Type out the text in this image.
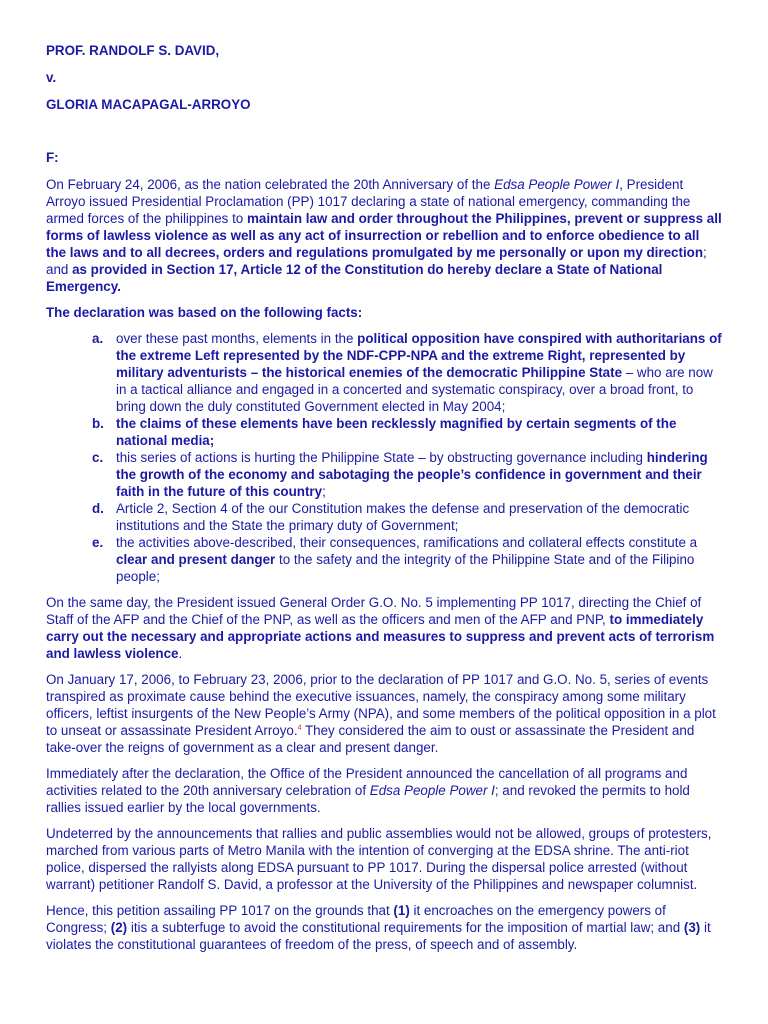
PROF. RANDOLF S. DAVID,
v.
GLORIA MACAPAGAL-ARROYO
F:

On February 24, 2006, as the nation celebrated the 20th Anniversary of the Edsa People Power I, President Arroyo issued Presidential Proclamation (PP) 1017 declaring a state of national emergency, commanding the armed forces of the philippines to maintain law and order throughout the Philippines, prevent or suppress all forms of lawless violence as well as any act of insurrection or rebellion and to enforce obedience to all the laws and to all decrees, orders and regulations promulgated by me personally or upon my direction; and as provided in Section 17, Article 12 of the Constitution do hereby declare a State of National Emergency.

The declaration was based on the following facts:

a. over these past months, elements in the political opposition have conspired with authoritarians of the extreme Left represented by the NDF-CPP-NPA and the extreme Right, represented by military adventurists – the historical enemies of the democratic Philippine State – who are now in a tactical alliance and engaged in a concerted and systematic conspiracy, over a broad front, to bring down the duly constituted Government elected in May 2004;
b. the claims of these elements have been recklessly magnified by certain segments of the national media;
c. this series of actions is hurting the Philippine State – by obstructing governance including hindering the growth of the economy and sabotaging the people’s confidence in government and their faith in the future of this country;
d. Article 2, Section 4 of the our Constitution makes the defense and preservation of the democratic institutions and the State the primary duty of Government;
e. the activities above-described, their consequences, ramifications and collateral effects constitute a clear and present danger to the safety and the integrity of the Philippine State and of the Filipino people;

On the same day, the President issued General Order G.O. No. 5 implementing PP 1017, directing the Chief of Staff of the AFP and the Chief of the PNP, as well as the officers and men of the AFP and PNP, to immediately carry out the necessary and appropriate actions and measures to suppress and prevent acts of terrorism and lawless violence.

On January 17, 2006, to February 23, 2006, prior to the declaration of PP 1017 and G.O. No. 5, series of events transpired as proximate cause behind the executive issuances, namely, the conspiracy among some military officers, leftist insurgents of the New People’s Army (NPA), and some members of the political opposition in a plot to unseat or assassinate President Arroyo.$^4$ They considered the aim to oust or assassinate the President and take-over the reigns of government as a clear and present danger.

Immediately after the declaration, the Office of the President announced the cancellation of all programs and activities related to the 20th anniversary celebration of Edsa People Power I; and revoked the permits to hold rallies issued earlier by the local governments.

Undeterred by the announcements that rallies and public assemblies would not be allowed, groups of protesters, marched from various parts of Metro Manila with the intention of converging at the EDSA shrine. The anti-riot police, dispersed the rallyists along EDSA pursuant to PP 1017. During the dispersal police arrested (without warrant) petitioner Randolf S. David, a professor at the University of the Philippines and newspaper columnist.

Hence, this petition assailing PP 1017 on the grounds that (1) it encroaches on the emergency powers of Congress; (2) itis a subterfuge to avoid the constitutional requirements for the imposition of martial law; and (3) it violates the constitutional guarantees of freedom of the press, of speech and of assembly.
